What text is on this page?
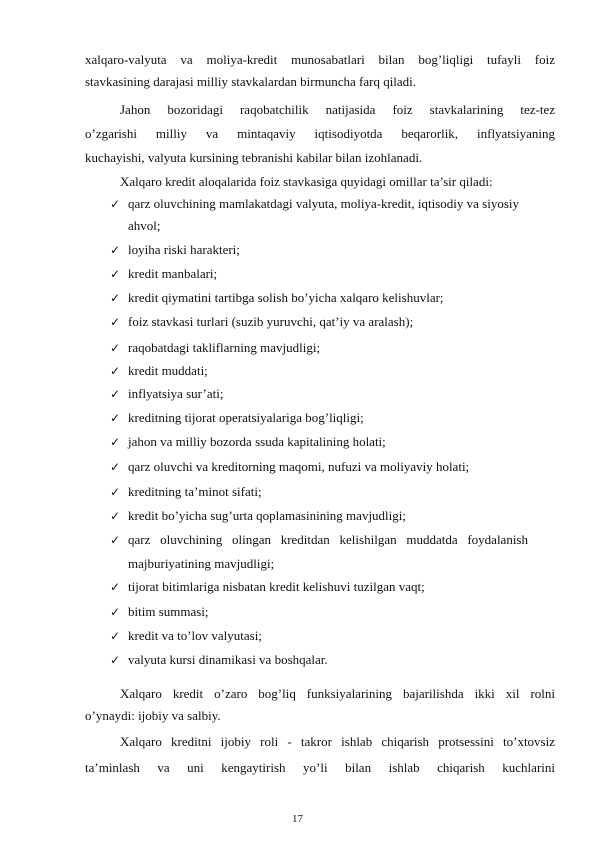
xalqaro-valyuta va moliya-kredit munosabatlari bilan bog’liqligi tufayli foiz
stavkasining darajasi milliy stavkalardan birmuncha farq qiladi.
Jahon bozoridagi raqobatchilik natijasida foiz stavkalarining tez-tez
o’zgarishi milliy va mintaqaviy iqtisodiyotda beqarorlik, inflyatsiyaning
kuchayishi, valyuta kursining tebranishi kabilar bilan izohlanadi.
Xalqaro kredit aloqalarida foiz stavkasiga quyidagi omillar ta’sir qiladi:
✓ qarz oluvchining mamlakatdagi valyuta, moliya-kredit, iqtisodiy va siyosiy
ahvol;
✓ loyiha riski harakteri;
✓ kredit manbalari;
✓ kredit qiymatini tartibga solish bo’yicha xalqaro kelishuvlar;
✓ foiz stavkasi turlari (suzib yuruvchi, qat’iy va aralash);
✓ raqobatdagi takliflarning mavjudligi;
✓ kredit muddati;
✓ inflyatsiya sur’ati;
✓ kreditning tijorat operatsiyalariga bog’liqligi;
✓ jahon va milliy bozorda ssuda kapitalining holati;
✓ qarz oluvchi va kreditorning maqomi, nufuzi va moliyaviy holati;
✓ kreditning ta’minot sifati;
✓ kredit bo’yicha sug’urta qoplamasinining mavjudligi;
✓ qarz oluvchining olingan kreditdan kelishilgan muddatda foydalanish
majburiyatining mavjudligi;
✓ tijorat bitimlariga nisbatan kredit kelishuvi tuzilgan vaqt;
✓ bitim summasi;
✓ kredit va to’lov valyutasi;
✓ valyuta kursi dinamikasi va boshqalar.
Xalqaro kredit o’zaro bog’liq funksiyalarining bajarilishda ikki xil rolni
o’ynaydi: ijobiy va salbiy.
Xalqaro kreditni ijobiy roli - takror ishlab chiqarish protsessini to’xtovsiz
ta’minlash va uni kengaytirish yo’li bilan ishlab chiqarish kuchlarini
17
